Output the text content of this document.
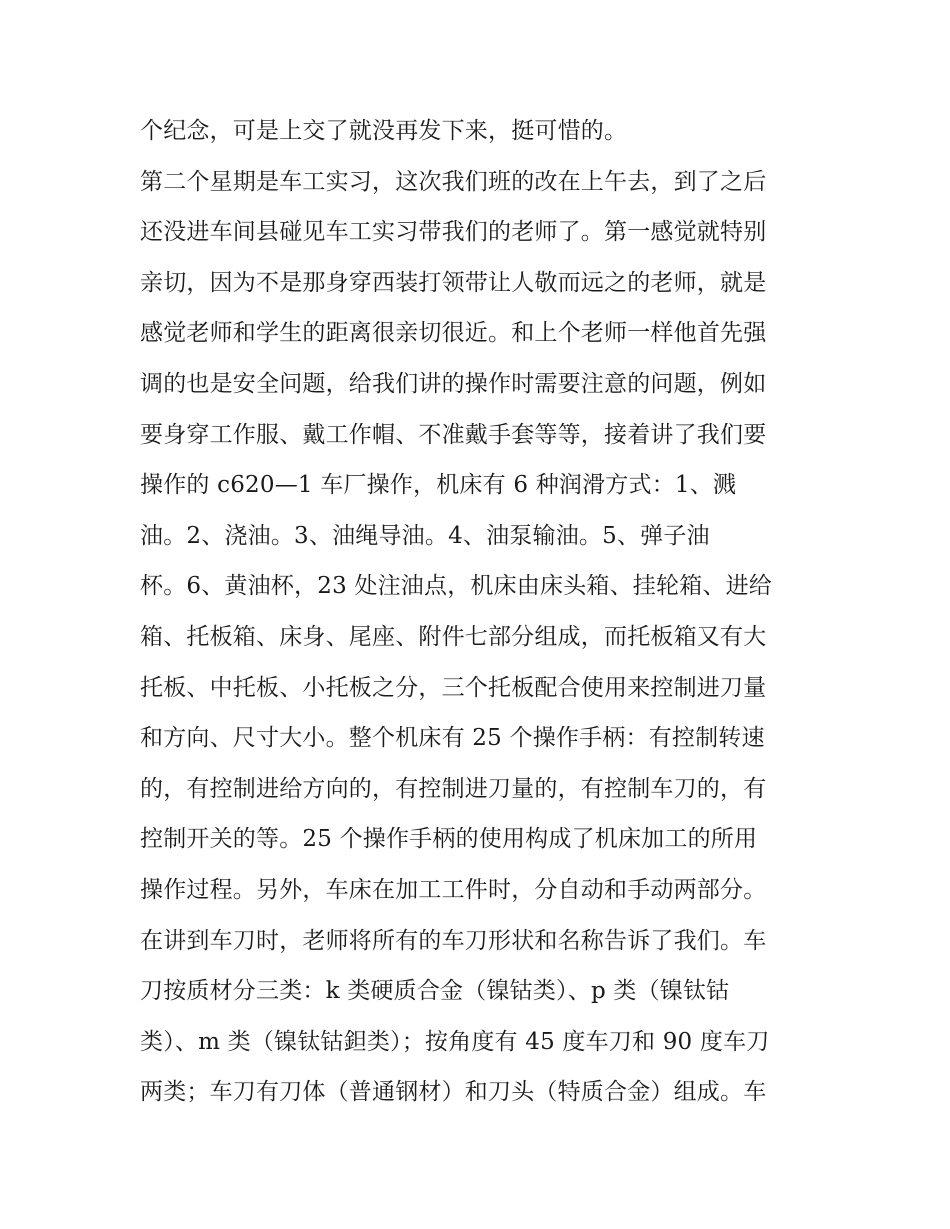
个纪念，可是上交了就没再发下来，挺可惜的。
第二个星期是车工实习，这次我们班的改在上午去，到了之后
还没进车间县碰见车工实习带我们的老师了。第一感觉就特别
亲切，因为不是那身穿西装打领带让人敬而远之的老师，就是
感觉老师和学生的距离很亲切很近。和上个老师一样他首先强
调的也是安全问题，给我们讲的操作时需要注意的问题，例如
要身穿工作服、戴工作帽、不准戴手套等等，接着讲了我们要
操作的 c620—1 车厂操作，机床有 6 种润滑方式：1、溅
油。2、浇油。3、油绳导油。4、油泵输油。5、弹子油
杯。6、黄油杯，23 处注油点，机床由床头箱、挂轮箱、进给
箱、托板箱、床身、尾座、附件七部分组成，而托板箱又有大
托板、中托板、小托板之分，三个托板配合使用来控制进刀量
和方向、尺寸大小。整个机床有 25 个操作手柄：有控制转速
的，有控制进给方向的，有控制进刀量的，有控制车刀的，有
控制开关的等。25 个操作手柄的使用构成了机床加工的所用
操作过程。另外，车床在加工工件时，分自动和手动两部分。
在讲到车刀时，老师将所有的车刀形状和名称告诉了我们。车
刀按质材分三类：k 类硬质合金（镍钴类）、p 类（镍钛钴
类）、m 类（镍钛钴鉭类）；按角度有 45 度车刀和 90 度车刀
两类；车刀有刀体（普通钢材）和刀头（特质合金）组成。车
